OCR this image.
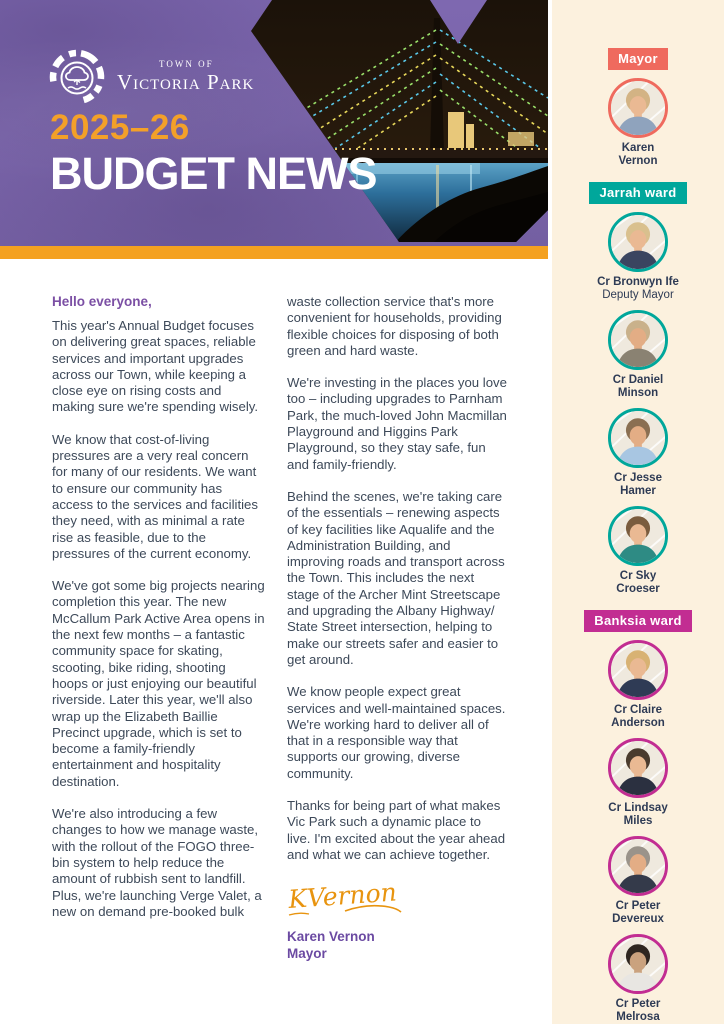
TOWN OF
Victoria Park
2025–26
BUDGET NEWS
Hello everyone,

This year's Annual Budget focuses on delivering great spaces, reliable services and important upgrades across our Town, while keeping a close eye on rising costs and making sure we're spending wisely.

We know that cost-of-living pressures are a very real concern for many of our residents. We want to ensure our community has access to the services and facilities they need, with as minimal a rate rise as feasible, due to the pressures of the current economy.

We've got some big projects nearing completion this year. The new McCallum Park Active Area opens in the next few months – a fantastic community space for skating, scooting, bike riding, shooting hoops or just enjoying our beautiful riverside. Later this year, we'll also wrap up the Elizabeth Baillie Precinct upgrade, which is set to become a family-friendly entertainment and hospitality destination.

We're also introducing a few changes to how we manage waste, with the rollout of the FOGO three-bin system to help reduce the amount of rubbish sent to landfill. Plus, we're launching Verge Valet, a new on demand pre-booked bulk

waste collection service that's more convenient for households, providing flexible choices for disposing of both green and hard waste.

We're investing in the places you love too – including upgrades to Parnham Park, the much-loved John Macmillan Playground and Higgins Park Playground, so they stay safe, fun and family-friendly.

Behind the scenes, we're taking care of the essentials – renewing aspects of key facilities like Aqualife and the Administration Building, and improving roads and transport across the Town. This includes the next stage of the Archer Mint Streetscape and upgrading the Albany Highway/ State Street intersection, helping to make our streets safer and easier to get around.

We know people expect great services and well-maintained spaces. We're working hard to deliver all of that in a responsible way that supports our growing, diverse community.

Thanks for being part of what makes Vic Park such a dynamic place to live. I'm excited about the year ahead and what we can achieve together.

KVernon
Karen Vernon
Mayor
Mayor
Karen
Vernon
Jarrah ward
Cr Bronwyn Ife
Deputy Mayor
Cr Daniel
Minson
Cr Jesse
Hamer
Cr Sky
Croeser
Banksia ward
Cr Claire
Anderson
Cr Lindsay
Miles
Cr Peter
Devereux
Cr Peter
Melrosa
